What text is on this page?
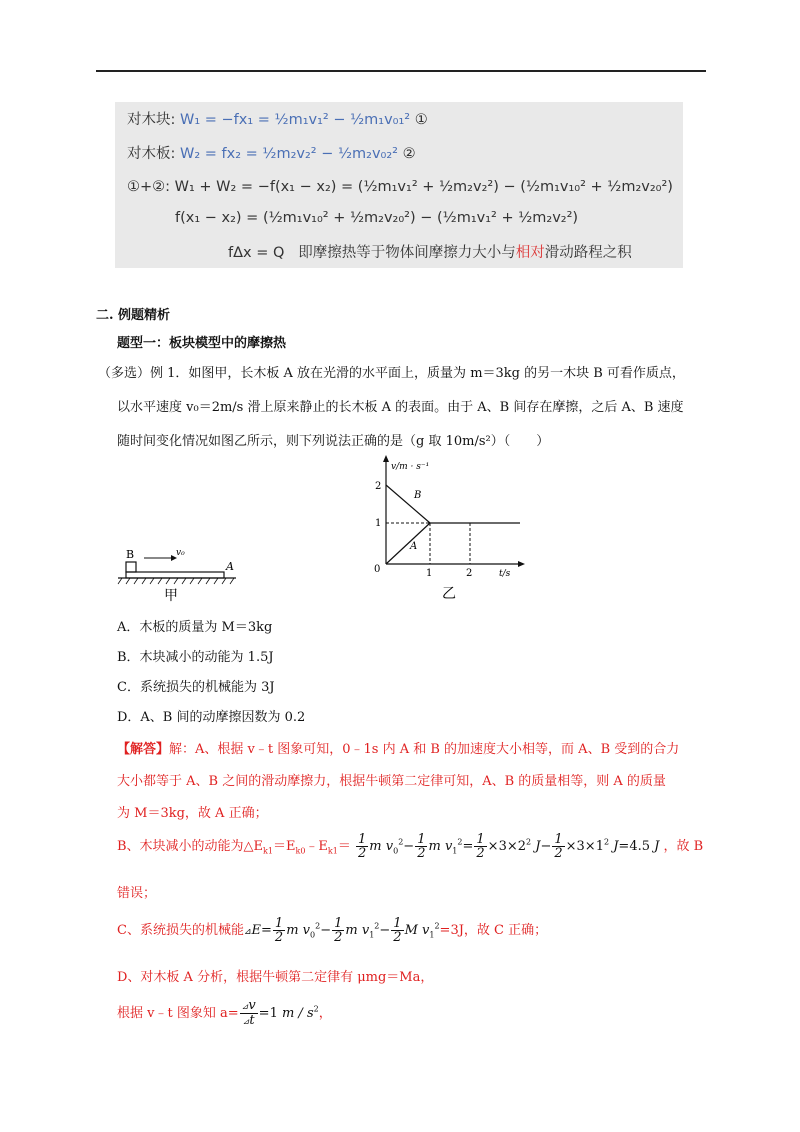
对木块: W₁ = −fx₁ = ½m₁v₁² − ½m₁v₀₁² ①
对木板: W₂ = fx₂ = ½m₂v₂² − ½m₂v₀₂² ②
①+②: W₁ + W₂ = −f(x₁ − x₂) = (½m₁v₁² + ½m₂v₂²) − (½m₁v₁₀² + ½m₂v₂₀²)
f(x₁ − x₂) = (½m₁v₁₀² + ½m₂v₂₀²) − (½m₁v₁² + ½m₂v₂²)
fΔx = Q 即摩擦热等于物体间摩擦力大小与相对滑动路程之积
二. 例题精析
题型一：板块模型中的摩擦热
（多选）例 1．如图甲，长木板 A 放在光滑的水平面上，质量为 m＝3kg 的另一木块 B 可看作质点，
以水平速度 v₀＝2m/s 滑上原来静止的长木板 A 的表面。由于 A、B 间存在摩擦，之后 A、B 速度
随时间变化情况如图乙所示，则下列说法正确的是（g 取 10m/s²）（　　）
B	v₀
A
甲
v/m · s⁻¹
t/s
2
1
0	1	2
B
A
乙
A．木板的质量为 M＝3kg
B．木块减小的动能为 1.5J
C．系统损失的机械能为 3J
D．A、B 间的动摩擦因数为 0.2
【解答】解：A、根据 v﹣t 图象可知，0﹣1s 内 A 和 B 的加速度大小相等，而 A、B 受到的合力
大小都等于 A、B 之间的滑动摩擦力，根据牛顿第二定律可知，A、B 的质量相等，则 A 的质量
为 M＝3kg，故 A 正确；
B、木块减小的动能为$\triangle E_{k1}=E_{k0}﹣E_{k1}= \frac{1}{2}$ m $v_0^2- \frac{1}{2}$ m $v_1^2= \frac{1}{2} \times 3\times 2^2$ $J- \frac{1}{2} \times 3\times 1^2$ J=4.5 J ，故 B
错误；
C、系统损失的机械能⊿E= $\frac{1}{2}$ m $v_0^2- \frac{1}{2}$ m $v_1^2- \frac{1}{2}$ M $v_1^2=3J$，故 C 正确；
D、对木板 A 分析，根据牛顿第二定律有 μmg＝Ma，
根据 v﹣t 图象知 $a= \frac{⊿v}{⊿t} =1$ m / $s^2$，
